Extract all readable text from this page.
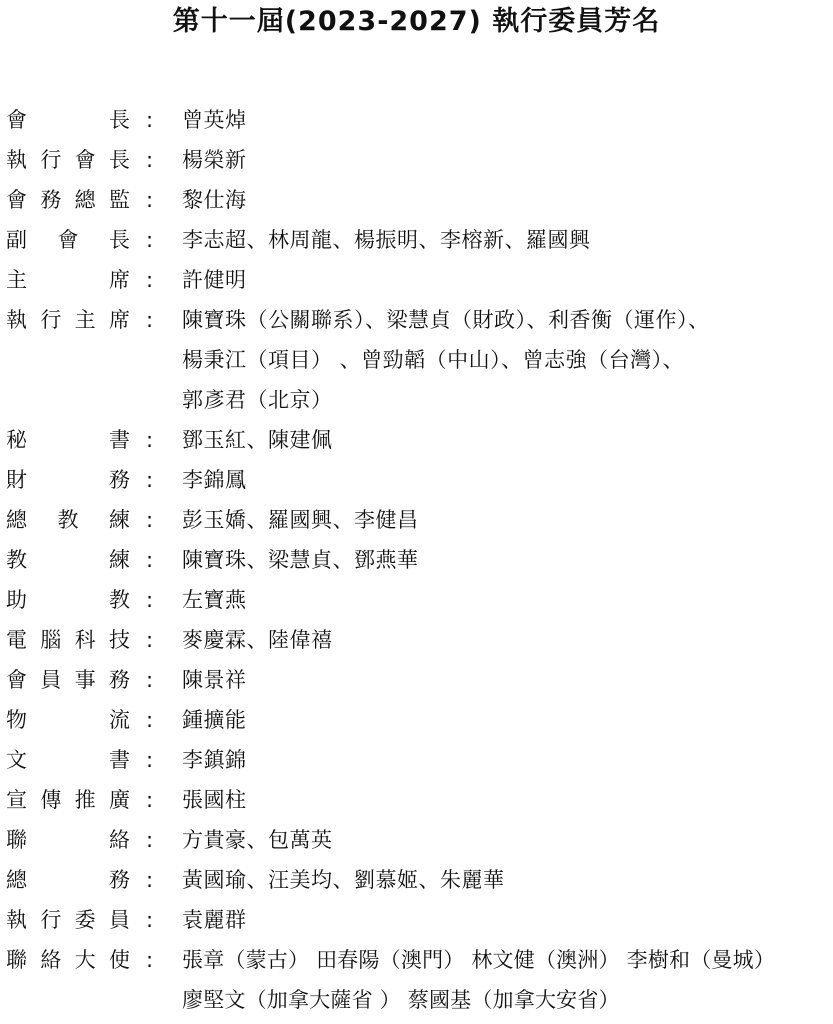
第十一屆(2023-2027) 執行委員芳名
會	長 : 曾英焯
執 行 會 長 : 楊榮新
會 務 總 監 : 黎仕海
副 會 長 : 李志超、林周龍、楊振明、李榕新、羅國興
主	席 : 許健明
執 行 主 席 : 陳寶珠（公關聯系）、梁慧貞（財政）、利香衡（運作）、
楊秉江（項目） 、曾勁韜（中山）、曾志強（台灣）、
郭彥君（北京）
秘	書 : 鄧玉紅、陳建佩
財	務 : 李錦鳳
總 教 練 : 彭玉嬌、羅國興、李健昌
教	練 : 陳寶珠、梁慧貞、鄧燕華
助	教 : 左寶燕
電 腦 科 技 : 麥慶霖、陸偉禧
會 員 事 務 : 陳景祥
物	流 : 鍾擴能
文	書 : 李鎮錦
宣 傳 推 廣 : 張國柱
聯	絡 : 方貴豪、包萬英
總	務 : 黃國瑜、汪美均、劉慕姬、朱麗華
執 行 委 員 : 袁麗群
聯 絡 大 使 : 張章（蒙古） 田春陽（澳門） 林文健（澳洲） 李樹和（曼城）
廖堅文（加拿大薩省 ） 蔡國基（加拿大安省）
